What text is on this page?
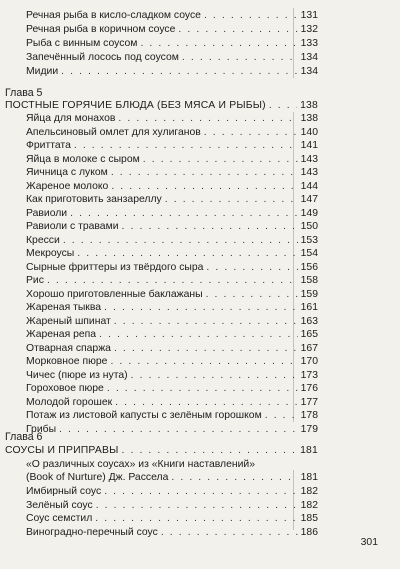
Речная рыба в кисло-сладком соусе . . .	131
Речная рыба в коричном соусе . . .	132
Рыба с винным соусом . . .	133
Запечённый лосось под соусом . . .	134
Мидии . . .	134
Глава 5
ПОСТНЫЕ ГОРЯЧИЕ БЛЮДА (БЕЗ МЯСА И РЫБЫ) . . .	138
Яйца для монахов . . .	138
Апельсиновый омлет для хулиганов . . .	140
Фриттата . . .	141
Яйца в молоке с сыром . . .	143
Яичница с луком . . .	143
Жареное молоко . . .	144
Как приготовить занзареллу . . .	147
Равиоли . . .	149
Равиоли с травами . . .	150
Кресси . . .	153
Мекроусы . . .	154
Сырные фриттеры из твёрдого сыра . . .	156
Рис . . .	158
Хорошо приготовленные баклажаны . . .	159
Жареная тыква . . .	161
Жареный шпинат . . .	163
Жареная репа . . .	165
Отварная спаржа . . .	167
Морковное пюре . . .	170
Чичес (пюре из нута) . . .	173
Гороховое пюре . . .	176
Молодой горошек . . .	177
Потаж из листовой капусты с зелёным горошком . . .	178
Грибы . . .	179
Глава 6
СОУСЫ И ПРИПРАВЫ . . .	181
«О различных соусах» из «Книги наставлений»
(Book of Nurture) Дж. Рассела . . .	181
Имбирный соус . . .	182
Зелёный соус . . .	182
Соус семстил . . .	185
Виноградно-перечный соус . . .	186
301
